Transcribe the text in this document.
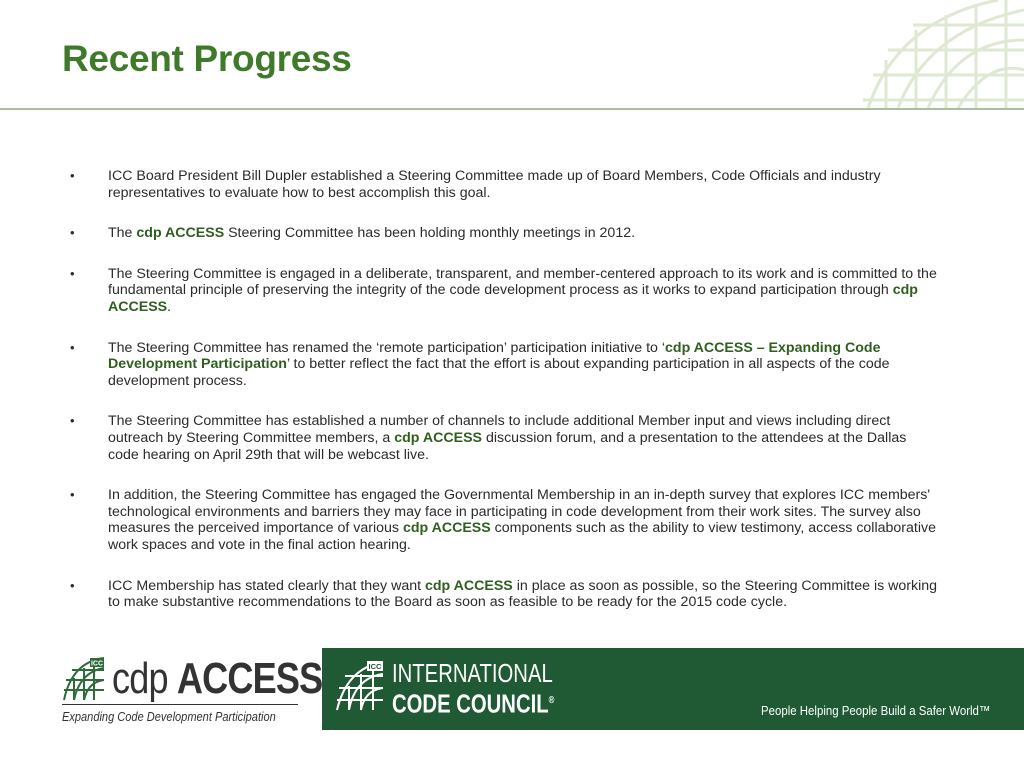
Recent Progress
• ICC Board President Bill Dupler established a Steering Committee made up of Board Members, Code Officials and industry representatives to evaluate how to best accomplish this goal.
• The cdp ACCESS Steering Committee has been holding monthly meetings in 2012.
• The Steering Committee is engaged in a deliberate, transparent, and member-centered approach to its work and is committed to the fundamental principle of preserving the integrity of the code development process as it works to expand participation through cdp ACCESS.
• The Steering Committee has renamed the ‘remote participation’ participation initiative to ‘cdp ACCESS – Expanding Code Development Participation’ to better reflect the fact that the effort is about expanding participation in all aspects of the code development process.
• The Steering Committee has established a number of channels to include additional Member input and views including direct outreach by Steering Committee members, a cdp ACCESS discussion forum, and a presentation to the attendees at the Dallas code hearing on April 29th that will be webcast live.
• In addition, the Steering Committee has engaged the Governmental Membership in an in-depth survey that explores ICC members' technological environments and barriers they may face in participating in code development from their work sites. The survey also measures the perceived importance of various cdp ACCESS components such as the ability to view testimony, access collaborative work spaces and vote in the final action hearing.
• ICC Membership has stated clearly that they want cdp ACCESS in place as soon as possible, so the Steering Committee is working to make substantive recommendations to the Board as soon as feasible to be ready for the 2015 code cycle.
ICC cdp ACCESS
Expanding Code Development Participation
ICC INTERNATIONAL
CODE COUNCIL®
People Helping People Build a Safer World™
